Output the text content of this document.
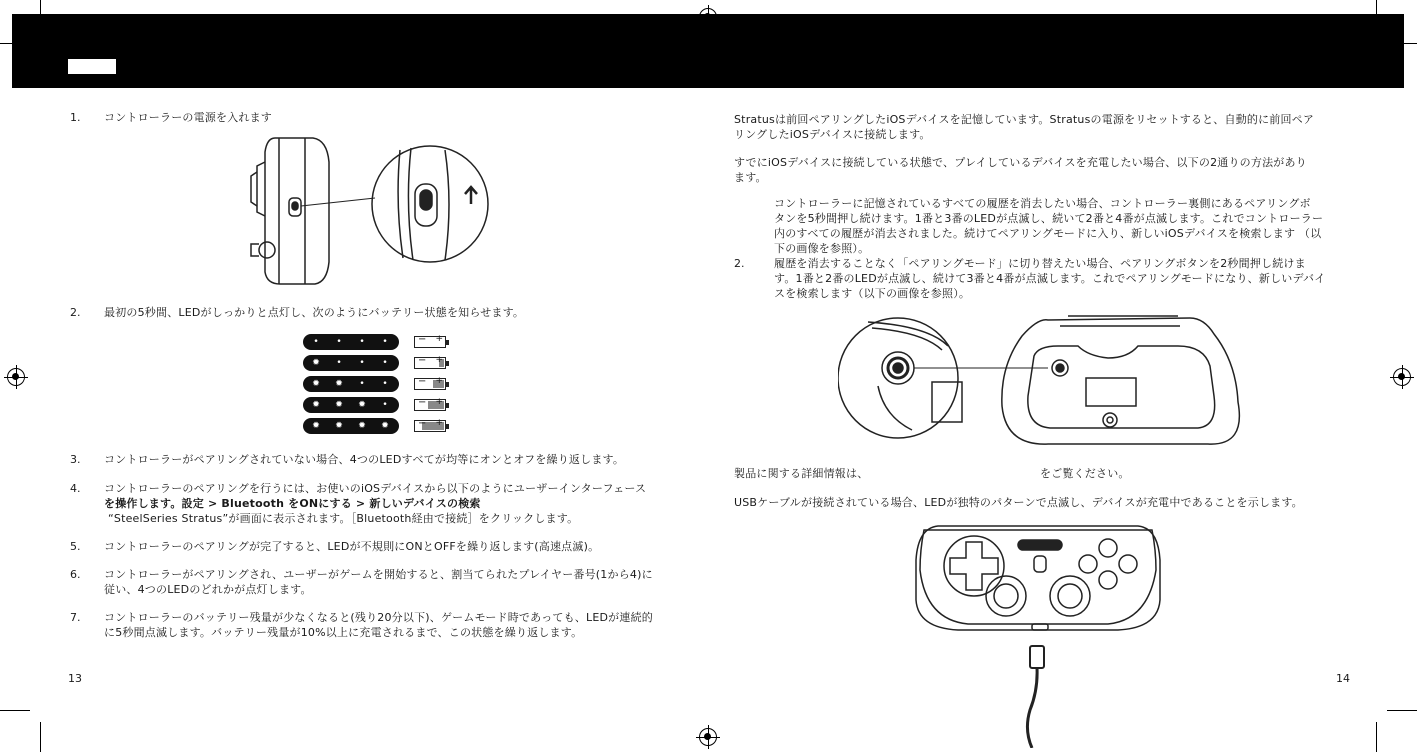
1. コントローラーの電源を入れます
2. 最初の5秒間、LEDがしっかりと点灯し、次のようにバッテリー状態を知らせます。
• • • •	− +
✹ • • •	− +
✹ ✹ • •	− +
✹ ✹ ✹ •	− +
✹ ✹ ✹ ✹	− +
3. コントローラーがペアリングされていない場合、4つのLEDすべてが均等にオンとオフを繰り返します。
4. コントローラーのペアリングを行うには、お使いのiOSデバイスから以下のようにユーザーインターフェース
を操作します。設定 > Bluetooth をONにする > 新しいデバイスの検索
“SteelSeries Stratus”が画面に表示されます。［Bluetooth経由で接続］をクリックします。
5. コントローラーのペアリングが完了すると、LEDが不規則にONとOFFを繰り返します(高速点滅)。
6. コントローラーがペアリングされ、ユーザーがゲームを開始すると、割当てられたプレイヤー番号(1から4)に
従い、4つのLEDのどれかが点灯します。
7. コントローラーのバッテリー残量が少なくなると(残り20分以下)、ゲームモード時であっても、LEDが連続的
に5秒間点滅します。バッテリー残量が10%以上に充電されるまで、この状態を繰り返します。
13
Stratusは前回ペアリングしたiOSデバイスを記憶しています。Stratusの電源をリセットすると、自動的に前回ペア
リングしたiOSデバイスに接続します。
すでにiOSデバイスに接続している状態で、プレイしているデバイスを充電したい場合、以下の2通りの方法があり
ます。
コントローラーに記憶されているすべての履歴を消去したい場合、コントローラー裏側にあるペアリングボ
タンを5秒間押し続けます。1番と3番のLEDが点滅し、続いて2番と4番が点滅します。これでコントローラー
内のすべての履歴が消去されました。続けてペアリングモードに入り、新しいiOSデバイスを検索します （以
下の画像を参照）。
2.	履歴を消去することなく「ペアリングモード」に切り替えたい場合、ペアリングボタンを2秒間押し続けま
す。1番と2番のLEDが点滅し、続けて3番と4番が点滅します。これでペアリングモードになり、新しいデバイ
スを検索します（以下の画像を参照）。
製品に関する詳細情報は、	をご覧ください。
USBケーブルが接続されている場合、LEDが独特のパターンで点滅し、デバイスが充電中であることを示します。
14
